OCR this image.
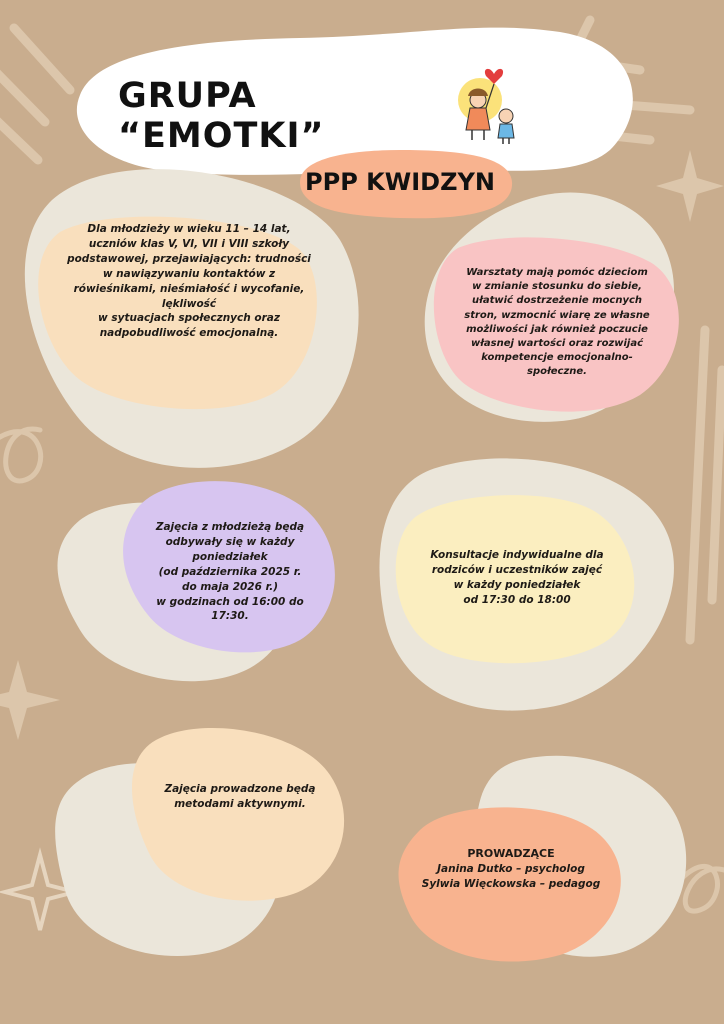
GRUPA “EMOTKI”
PPP KWIDZYN
Dla młodzieży w wieku 11 – 14 lat,
uczniów klas V, VI, VII i VIII szkoły
podstawowej, przejawiających: trudności
w nawiązywaniu kontaktów z
rówieśnikami, nieśmiałość i wycofanie,
lękliwość
w sytuacjach społecznych oraz
nadpobudliwość emocjonalną.
Warsztaty mają pomóc dzieciom
w zmianie stosunku do siebie,
ułatwić dostrzeżenie mocnych
stron, wzmocnić wiarę ze własne
możliwości jak również poczucie
własnej wartości oraz rozwijać
kompetencje emocjonalno-
społeczne.
Zajęcia z młodzieżą będą
odbywały się w każdy
poniedziałek
(od października 2025 r.
do maja 2026 r.)
w godzinach od 16:00 do
17:30.
Konsultacje indywidualne dla
rodziców i uczestników zajęć
w każdy poniedziałek
od 17:30 do 18:00
Zajęcia prowadzone będą
metodami aktywnymi.
PROWADZĄCE
Janina Dutko – psycholog
Sylwia Więckowska – pedagog
